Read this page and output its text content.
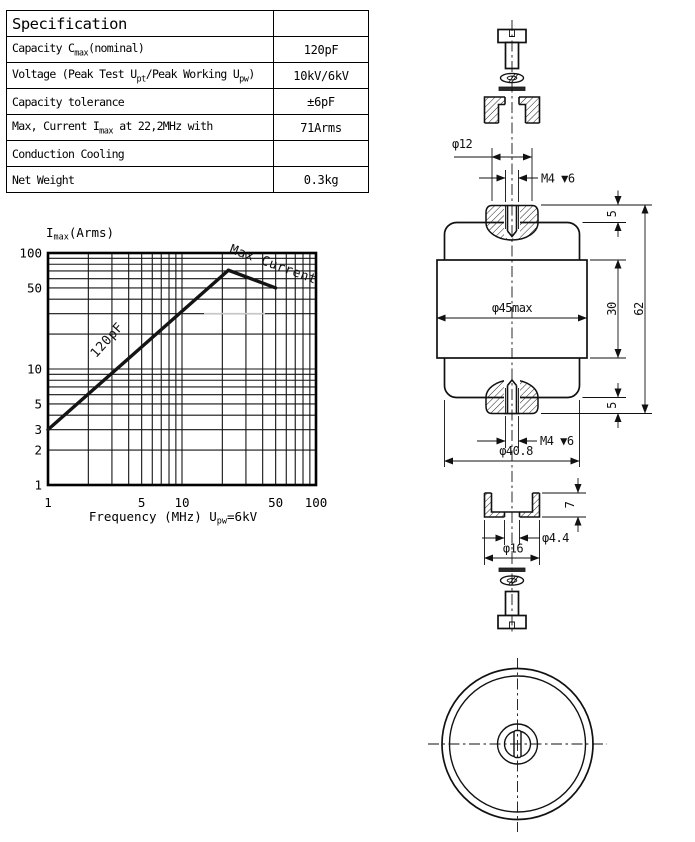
Specification	
Capacity $C_{max}(nominal)$	120pF
Voltage (Peak Test $U_{pt}$/Peak Working $U_{pw}$)	10kV/6kV
Capacity tolerance	±6pF
Max, Current $I_{max}$ at 22,2MHz with	71Arms
Conduction Cooling	
Net Weight	0.3kg
1	5 10	50 100
100
50
10
5
3
2
1
$I_{max}(Arms)$
Frequency (MHz) $U_{pw}=6kV$
120pF
Max Current
φ12
M4 ▼6
φ45max
5
30
5
62
M4 ▼6
φ40.8
7
φ4.4
φ16
